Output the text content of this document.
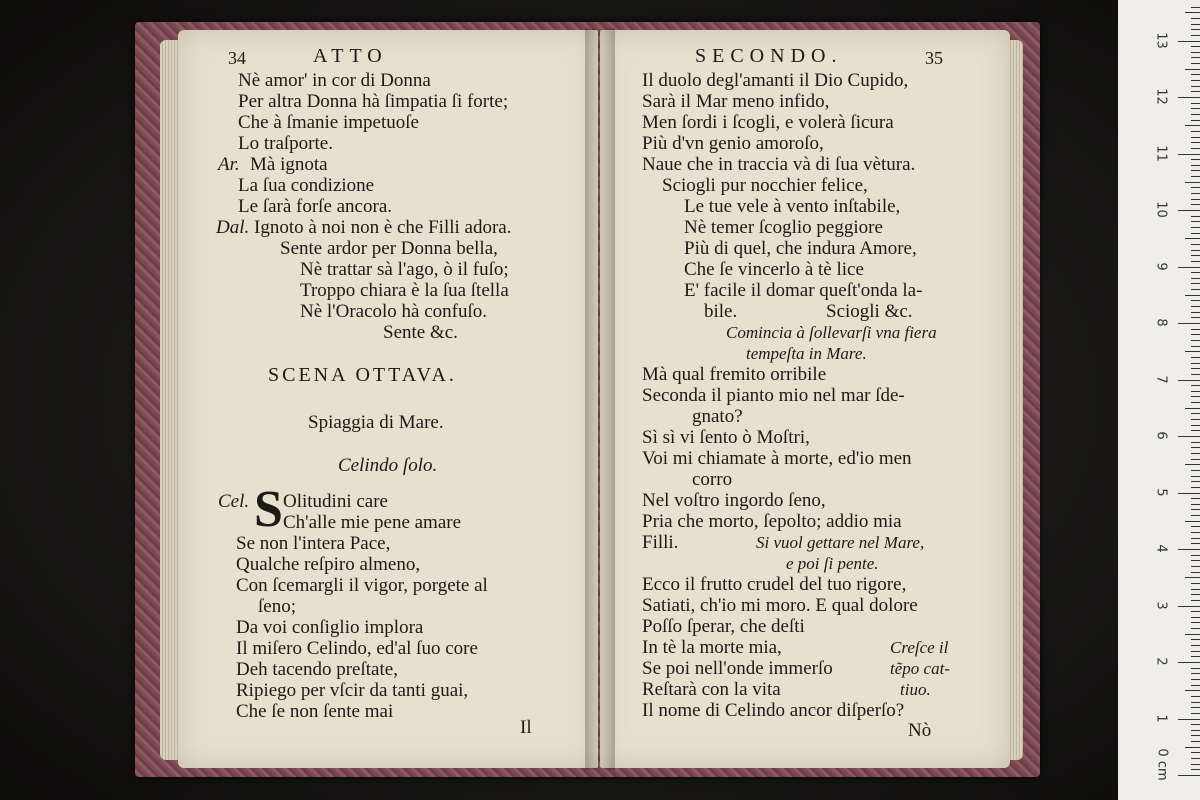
34	ATTO
Nè amor' in cor di Donna
Per altra Donna hà ſimpatia ſi forte;
Che à ſmanie impetuoſe
Lo traſporte.
Ar. Mà ignota
La ſua condizione
Le ſarà forſe ancora.
Dal. Ignoto à noi non è che Filli adora.
Sente ardor per Donna bella,
Nè trattar sà l'ago, ò il fuſo;
Troppo chiara è la ſua ſtella
Nè l'Oracolo hà confuſo.
Sente &c.
SCENA OTTAVA.
Spiaggia di Mare.
Celindo ſolo.
Cel. S Olitudini care
Ch'alle mie pene amare
Se non l'intera Pace,
Qualche reſpiro almeno,
Con ſcemargli il vigor, porgete al
ſeno;
Da voi conſiglio implora
Il miſero Celindo, ed'al ſuo core
Deh tacendo preſtate,
Ripiego per vſcir da tanti guai,
Che ſe non ſente mai
Il
SECONDO.	35
Il duolo degl'amanti il Dio Cupido,
Sarà il Mar meno infido,
Men ſordi i ſcogli, e volerà ſicura
Più d'vn genio amoroſo,
Naue che in traccia và di ſua vètura.
Sciogli pur nocchier felice,
Le tue vele à vento inſtabile,
Nè temer ſcoglio peggiore
Più di quel, che indura Amore,
Che ſe vincerlo à tè lice
E' facile il domar queſt'onda la-
bile.	Sciogli &c.
Comincia à ſollevarſi vna fiera
tempeſta in Mare.
Mà qual fremito orribile
Seconda il pianto mio nel mar ſde-
gnato?
Sì sì vi ſento ò Moſtri,
Voi mi chiamate à morte, ed'io men
corro
Nel voſtro ingordo ſeno,
Pria che morto, ſepolto; addio mia
Filli.	Si vuol gettare nel Mare,
e poi ſi pente.
Ecco il frutto crudel del tuo rigore,
Satiati, ch'io mi moro. E qual dolore
Poſſo ſperar, che deſti
In tè la morte mia,
Se poi nell'onde immerſo
Reſtarà con la vita
Il nome di Celindo ancor diſperſo?
Creſce il
tẽpo cat-
tiuo.
Nò
0 cm
1
2
3
4
5
6
7
8
9
10
11
12
13
